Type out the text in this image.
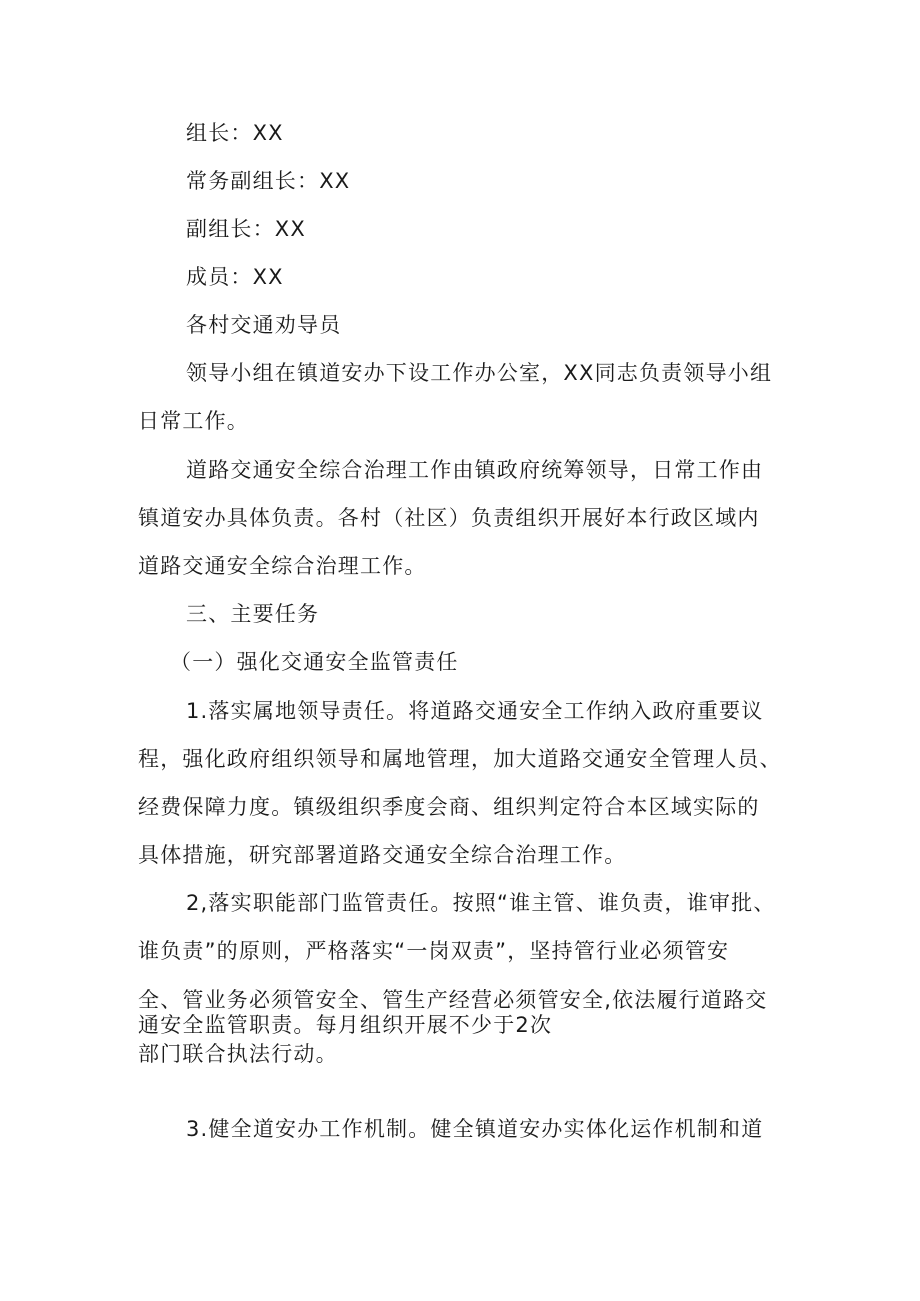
组长：XX
常务副组长：XX
副组长：XX
成员：XX
各村交通劝导员
领导小组在镇道安办下设工作办公室，XX同志负责领导小组
日常工作。
道路交通安全综合治理工作由镇政府统筹领导，日常工作由
镇道安办具体负责。各村（社区）负责组织开展好本行政区域内
道路交通安全综合治理工作。
三、主要任务
（一）强化交通安全监管责任
1.落实属地领导责任。将道路交通安全工作纳入政府重要议
程，强化政府组织领导和属地管理，加大道路交通安全管理人员、
经费保障力度。镇级组织季度会商、组织判定符合本区域实际的
具体措施，研究部署道路交通安全综合治理工作。
2,落实职能部门监管责任。按照“谁主管、谁负责，谁审批、
谁负责”的原则，严格落实“一岗双责”，坚持管行业必须管安
全、管业务必须管安全、管生产经营必须管安全,依法履行道路交
通安全监管职责。每月组织开展不少于2次
部门联合执法行动。
3.健全道安办工作机制。健全镇道安办实体化运作机制和道
